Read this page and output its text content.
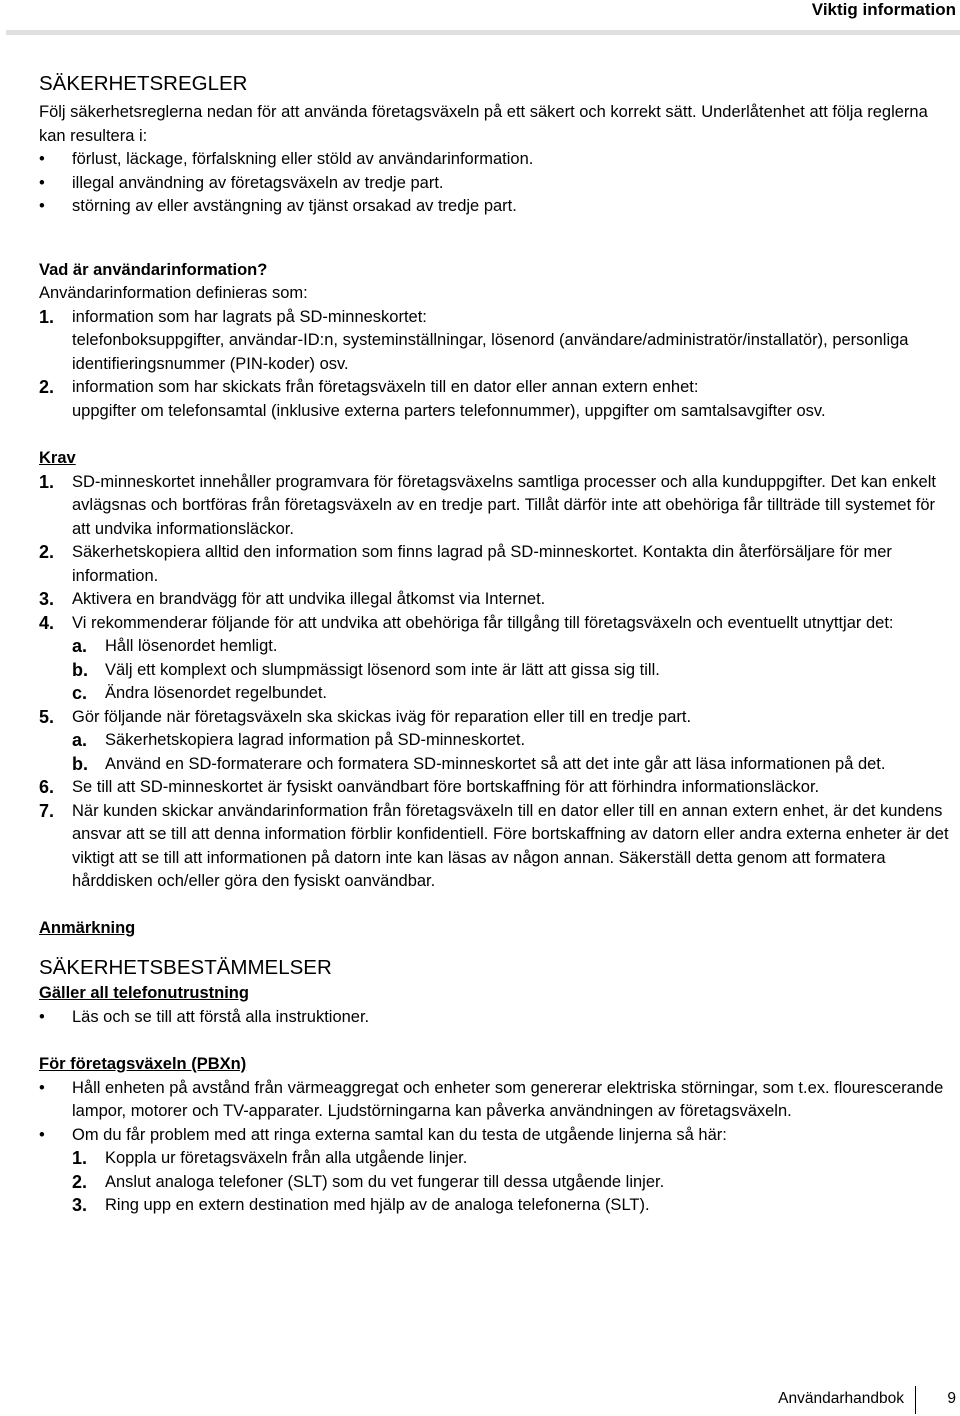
Viktig information
SÄKERHETSREGLER

Följ säkerhetsreglerna nedan för att använda företagsväxeln på ett säkert och korrekt sätt. Underlåtenhet att följa reglerna kan resultera i:

• förlust, läckage, förfalskning eller stöld av användarinformation.
• illegal användning av företagsväxeln av tredje part.
• störning av eller avstängning av tjänst orsakad av tredje part.

Vad är användarinformation?

Användarinformation definieras som:

1. information som har lagrats på SD-minneskortet:
telefonboksuppgifter, användar-ID:n, systeminställningar, lösenord (användare/administratör/installatör), personliga identifieringsnummer (PIN-koder) osv.
2. information som har skickats från företagsväxeln till en dator eller annan extern enhet:
uppgifter om telefonsamtal (inklusive externa parters telefonnummer), uppgifter om samtalsavgifter osv.

Krav

1. SD-minneskortet innehåller programvara för företagsväxelns samtliga processer och alla kunduppgifter. Det kan enkelt avlägsnas och bortföras från företagsväxeln av en tredje part. Tillåt därför inte att obehöriga får tillträde till systemet för att undvika informationsläckor.
2. Säkerhetskopiera alltid den information som finns lagrad på SD-minneskortet. Kontakta din återförsäljare för mer information.
3. Aktivera en brandvägg för att undvika illegal åtkomst via Internet.
4. Vi rekommenderar följande för att undvika att obehöriga får tillgång till företagsväxeln och eventuellt utnyttjar det:
a. Håll lösenordet hemligt.
b. Välj ett komplext och slumpmässigt lösenord som inte är lätt att gissa sig till.
c. Ändra lösenordet regelbundet.
5. Gör följande när företagsväxeln ska skickas iväg för reparation eller till en tredje part.
a. Säkerhetskopiera lagrad information på SD-minneskortet.
b. Använd en SD-formaterare och formatera SD-minneskortet så att det inte går att läsa informationen på det.
6. Se till att SD-minneskortet är fysiskt oanvändbart före bortskaffning för att förhindra informationsläckor.
7. När kunden skickar användarinformation från företagsväxeln till en dator eller till en annan extern enhet, är det kundens ansvar att se till att denna information förblir konfidentiell. Före bortskaffning av datorn eller andra externa enheter är det viktigt att se till att informationen på datorn inte kan läsas av någon annan. Säkerställ detta genom att formatera hårddisken och/eller göra den fysiskt oanvändbar.

Anmärkning

SÄKERHETSBESTÄMMELSER

Gäller all telefonutrustning

• Läs och se till att förstå alla instruktioner.

För företagsväxeln (PBXn)

• Håll enheten på avstånd från värmeaggregat och enheter som genererar elektriska störningar, som t.ex. flourescerande lampor, motorer och TV-apparater. Ljudstörningarna kan påverka användningen av företagsväxeln.
• Om du får problem med att ringa externa samtal kan du testa de utgående linjerna så här:
1. Koppla ur företagsväxeln från alla utgående linjer.
2. Anslut analoga telefoner (SLT) som du vet fungerar till dessa utgående linjer.
3. Ring upp en extern destination med hjälp av de analoga telefonerna (SLT).
Användarhandbok	9
